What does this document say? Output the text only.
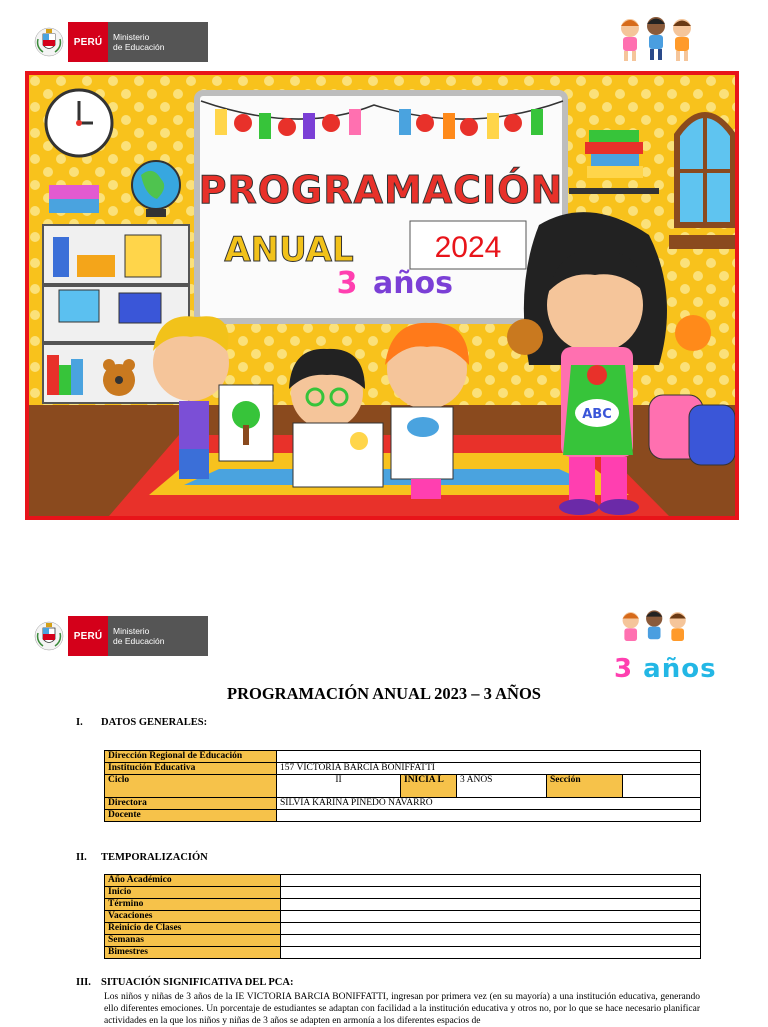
PERÚ	Ministerio
de Educación
PROGRAMACIÓN
ANUAL	2024
3 años
ABC
PERÚ	Ministerio
de Educación
3 años
PROGRAMACIÓN ANUAL 2023 – 3 AÑOS
I. DATOS GENERALES:
Dirección Regional de Educación					
Institución Educativa	157 VICTORIA BARCIA BONIFFATTI				
Ciclo	II	INICIA L	3 AÑOS	Sección	
Directora	SILVIA KARINA PINEDO NAVARRO				
Docente					
II. TEMPORALIZACIÓN
Año Académico	
Inicio	
Término	
Vacaciones	
Reinicio de Clases	
Semanas	
Bimestres	
III. SITUACIÓN SIGNIFICATIVA DEL PCA:
Los niños y niñas de 3 años de la IE VICTORIA BARCIA BONIFFATTI, ingresan por primera vez (en su mayoría) a una institución educativa, generando ello diferentes emociones. Un porcentaje de estudiantes se adaptan con facilidad a la institución educativa y otros no, por lo que se hace necesario planificar actividades en la que los niños y niñas de 3 años se adapten en armonía a los diferentes espacios de
